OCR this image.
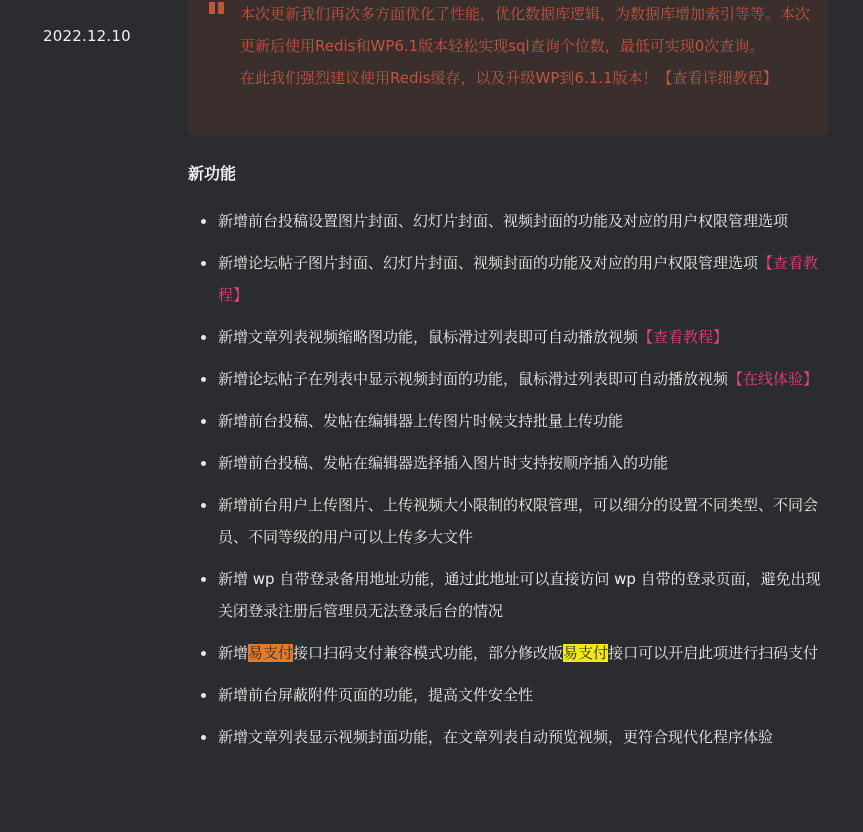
2022.12.10

本次更新我们再次多方面优化了性能，优化数据库逻辑，为数据库增加索引等等。本次更新后使用Redis和WP6.1版本轻松实现sql查询个位数，最低可实现0次查询。

在此我们强烈建议使用Redis缓存，以及升级WP到6.1.1版本！【查看详细教程】

新功能
新增前台投稿设置图片封面、幻灯片封面、视频封面的功能及对应的用户权限管理选项
新增论坛帖子图片封面、幻灯片封面、视频封面的功能及对应的用户权限管理选项【查看教程】
新增文章列表视频缩略图功能，鼠标滑过列表即可自动播放视频【查看教程】
新增论坛帖子在列表中显示视频封面的功能，鼠标滑过列表即可自动播放视频【在线体验】
新增前台投稿、发帖在编辑器上传图片时候支持批量上传功能
新增前台投稿、发帖在编辑器选择插入图片时支持按顺序插入的功能
新增前台用户上传图片、上传视频大小限制的权限管理，可以细分的设置不同类型、不同会员、不同等级的用户可以上传多大文件
新增 wp 自带登录备用地址功能，通过此地址可以直接访问 wp 自带的登录页面，避免出现关闭登录注册后管理员无法登录后台的情况
新增易支付接口扫码支付兼容模式功能，部分修改版易支付接口可以开启此项进行扫码支付
新增前台屏蔽附件页面的功能，提高文件安全性
新增文章列表显示视频封面功能，在文章列表自动预览视频，更符合现代化程序体验
